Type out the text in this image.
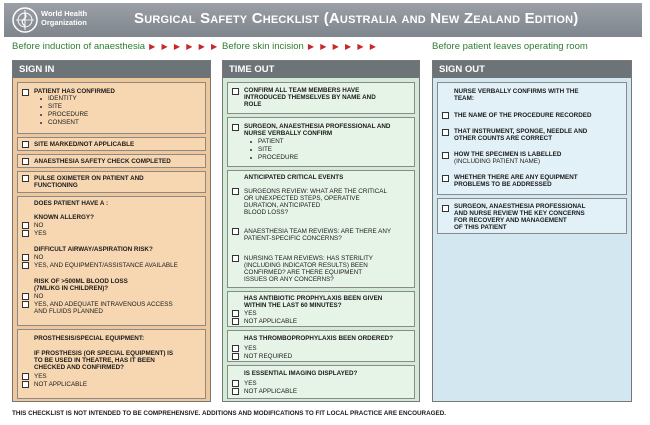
World Health
Organization	Surgical Safety Checklist (Australia and New Zealand Edition)
Before induction of anaesthesia ▶ ▶ ▶ ▶ ▶ ▶ Before skin incision ▶ ▶ ▶ ▶ ▶ ▶	Before patient leaves operating room
SIGN IN
PATIENT HAS CONFIRMED
IDENTITY
SITE
PROCEDURE
CONSENT
SITE MARKED/NOT APPLICABLE
ANAESTHESIA SAFETY CHECK COMPLETED
PULSE OXIMETER ON PATIENT AND
FUNCTIONING
DOES PATIENT HAVE A :
KNOWN ALLERGY?
NO
YES
DIFFICULT AIRWAY/ASPIRATION RISK?
NO
YES, AND EQUIPMENT/ASSISTANCE AVAILABLE
RISK OF >500ML BLOOD LOSS
(7ML/KG IN CHILDREN)?
NO
YES, AND ADEQUATE INTRAVENOUS ACCESS
AND FLUIDS PLANNED
PROSTHESIS/SPECIAL EQUIPMENT:
IF PROSTHESIS (OR SPECIAL EQUIPMENT) IS
TO BE USED IN THEATRE, HAS IT BEEN
CHECKED AND CONFIRMED?
YES
NOT APPLICABLE
TIME OUT
CONFIRM ALL TEAM MEMBERS HAVE
INTRODUCED THEMSELVES BY NAME AND
ROLE
SURGEON, ANAESTHESIA PROFESSIONAL AND
NURSE VERBALLY CONFIRM
PATIENT
SITE
PROCEDURE
ANTICIPATED CRITICAL EVENTS
SURGEONS REVIEW: WHAT ARE THE CRITICAL
OR UNEXPECTED STEPS, OPERATIVE
DURATION, ANTICIPATED
BLOOD LOSS?
ANAESTHESIA TEAM REVIEWS: ARE THERE ANY
PATIENT-SPECIFIC CONCERNS?
NURSING TEAM REVIEWS: HAS STERILITY
(INCLUDING INDICATOR RESULTS) BEEN
CONFIRMED? ARE THERE EQUIPMENT
ISSUES OR ANY CONCERNS?
HAS ANTIBIOTIC PROPHYLAXIS BEEN GIVEN
WITHIN THE LAST 60 MINUTES?
YES
NOT APPLICABLE
HAS THROMBOPROPHYLAXIS BEEN ORDERED?
YES
NOT REQUIRED
IS ESSENTIAL IMAGING DISPLAYED?
YES
NOT APPLICABLE
SIGN OUT
NURSE VERBALLY CONFIRMS WITH THE
TEAM:
THE NAME OF THE PROCEDURE RECORDED
THAT INSTRUMENT, SPONGE, NEEDLE AND
OTHER COUNTS ARE CORRECT
HOW THE SPECIMEN IS LABELLED
(INCLUDING PATIENT NAME)
WHETHER THERE ARE ANY EQUIPMENT
PROBLEMS TO BE ADDRESSED
SURGEON, ANAESTHESIA PROFESSIONAL
AND NURSE REVIEW THE KEY CONCERNS
FOR RECOVERY AND MANAGEMENT
OF THIS PATIENT
THIS CHECKLIST IS NOT INTENDED TO BE COMPREHENSIVE. ADDITIONS AND MODIFICATIONS TO FIT LOCAL PRACTICE ARE ENCOURAGED.
